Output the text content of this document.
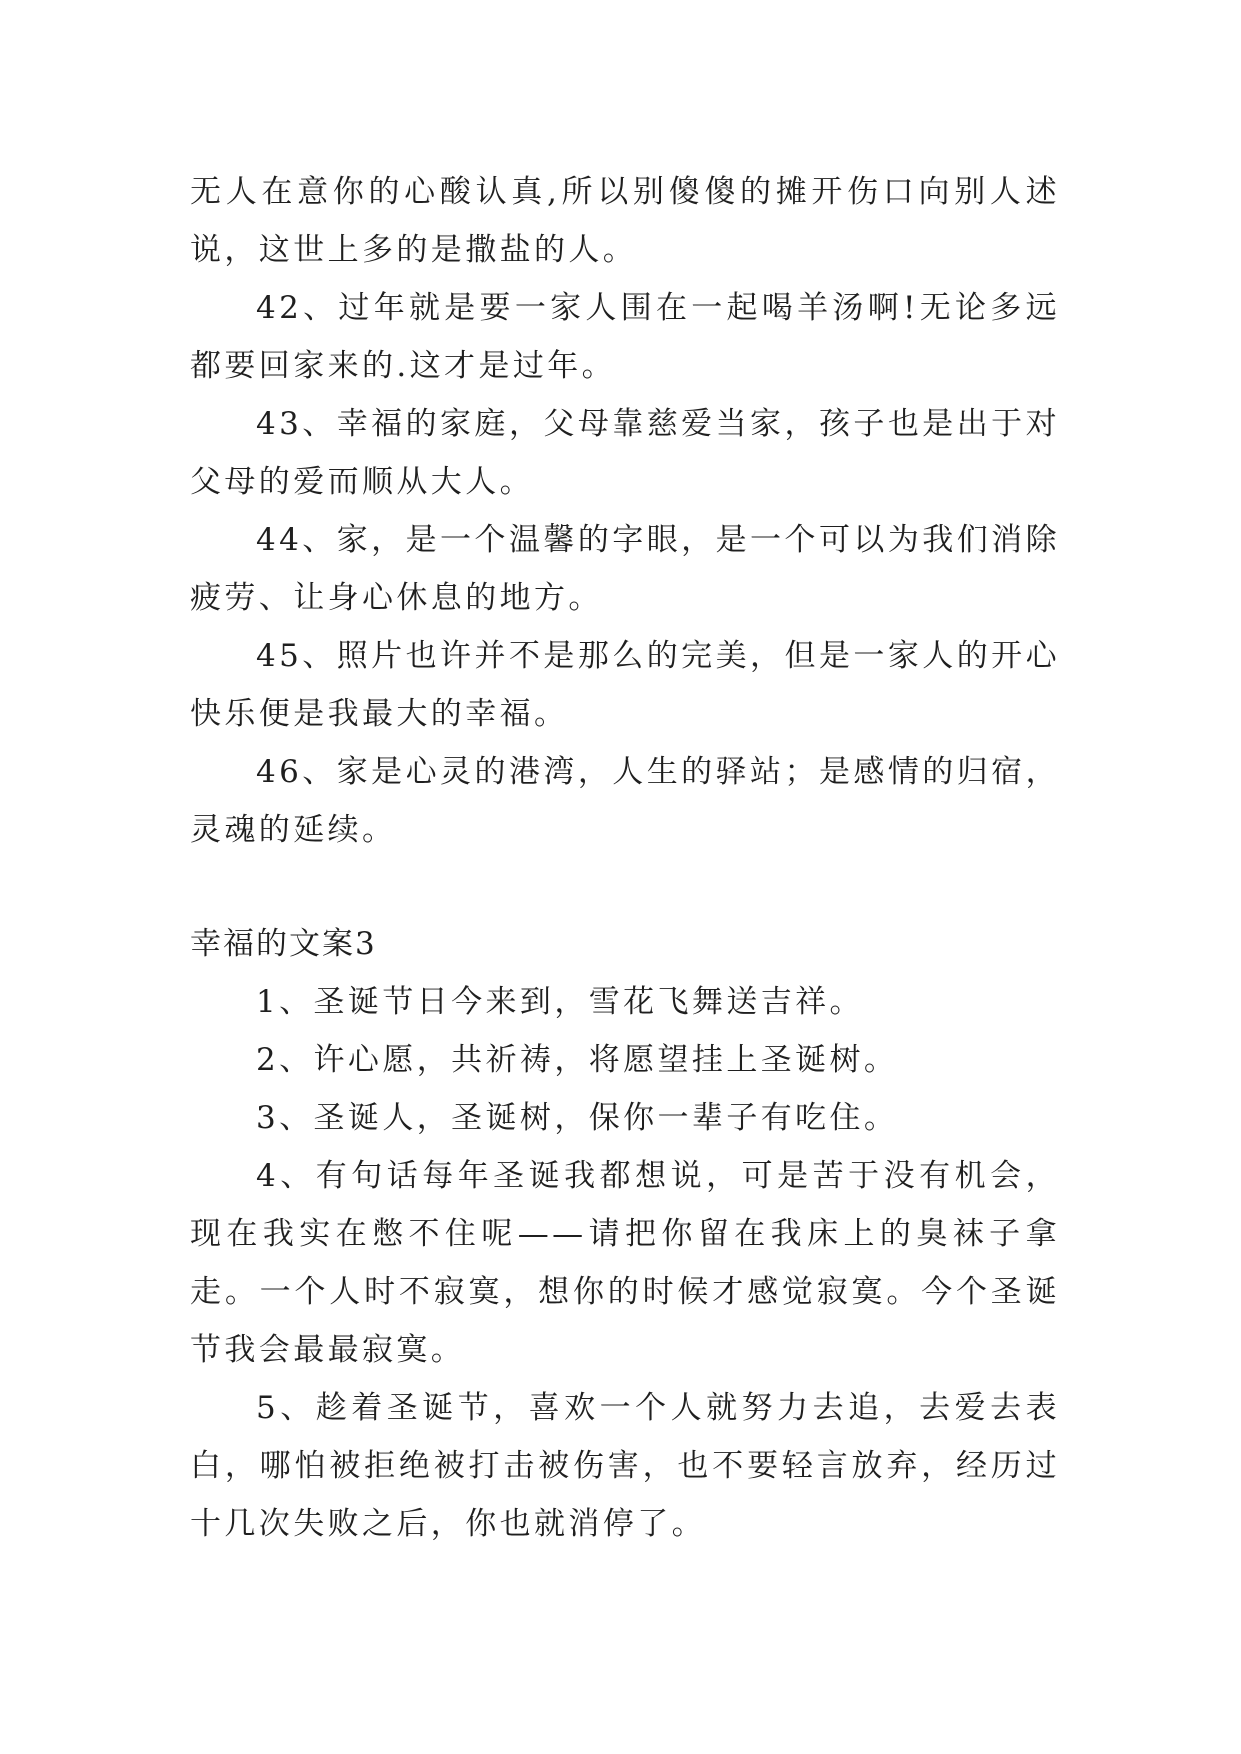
无人在意你的心酸认真,所以别傻傻的摊开伤口向别人述说，这世上多的是撒盐的人。

42、过年就是要一家人围在一起喝羊汤啊!无论多远都要回家来的.这才是过年。

43、幸福的家庭，父母靠慈爱当家，孩子也是出于对父母的爱而顺从大人。

44、家，是一个温馨的字眼，是一个可以为我们消除疲劳、让身心休息的地方。

45、照片也许并不是那么的完美，但是一家人的开心快乐便是我最大的幸福。

46、家是心灵的港湾，人生的驿站；是感情的归宿，灵魂的延续。

幸福的文案3

1、圣诞节日今来到，雪花飞舞送吉祥。

2、许心愿，共祈祷，将愿望挂上圣诞树。

3、圣诞人，圣诞树，保你一辈子有吃住。

4、有句话每年圣诞我都想说，可是苦于没有机会，现在我实在憋不住呢——请把你留在我床上的臭袜子拿走。一个人时不寂寞，想你的时候才感觉寂寞。今个圣诞节我会最最寂寞。

5、趁着圣诞节，喜欢一个人就努力去追，去爱去表白，哪怕被拒绝被打击被伤害，也不要轻言放弃，经历过十几次失败之后，你也就消停了。
